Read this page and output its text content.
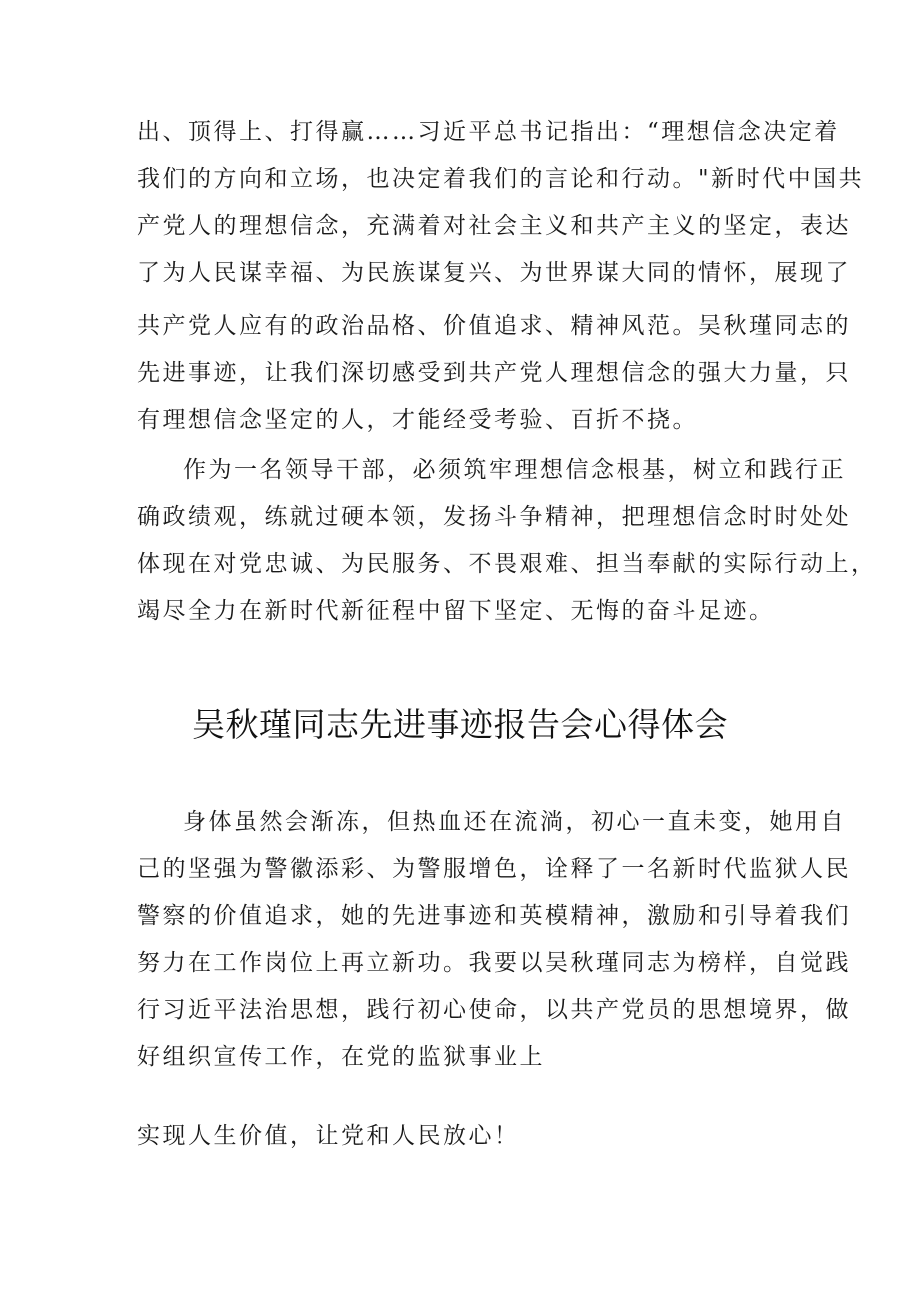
出、顶得上、打得赢……习近平总书记指出：“理想信念决定着
我们的方向和立场，也决定着我们的言论和行动。"新时代中国共
产党人的理想信念，充满着对社会主义和共产主义的坚定，表达
了为人民谋幸福、为民族谋复兴、为世界谋大同的情怀，展现了
共产党人应有的政治品格、价值追求、精神风范。吴秋瑾同志的
先进事迹，让我们深切感受到共产党人理想信念的强大力量，只
有理想信念坚定的人，才能经受考验、百折不挠。
作为一名领导干部，必须筑牢理想信念根基，树立和践行正
确政绩观，练就过硬本领，发扬斗争精神，把理想信念时时处处
体现在对党忠诚、为民服务、不畏艰难、担当奉献的实际行动上，
竭尽全力在新时代新征程中留下坚定、无悔的奋斗足迹。
吴秋瑾同志先进事迹报告会心得体会
身体虽然会渐冻，但热血还在流淌，初心一直未变，她用自
己的坚强为警徽添彩、为警服增色，诠释了一名新时代监狱人民
警察的价值追求，她的先进事迹和英模精神，激励和引导着我们
努力在工作岗位上再立新功。我要以吴秋瑾同志为榜样，自觉践
行习近平法治思想，践行初心使命，以共产党员的思想境界，做
好组织宣传工作，在党的监狱事业上
实现人生价值，让党和人民放心！
